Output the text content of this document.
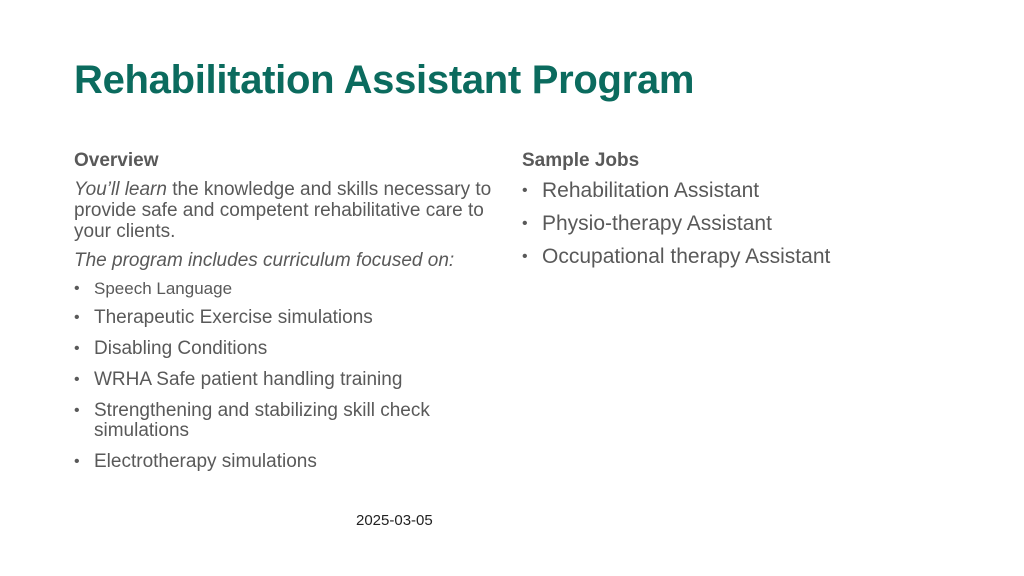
Rehabilitation Assistant Program
Overview

You’ll learn the knowledge and skills necessary to provide safe and competent rehabilitative care to your clients.

The program includes curriculum focused on:

• Speech Language
• Therapeutic Exercise simulations
• Disabling Conditions
• WRHA Safe patient handling training
• Strengthening and stabilizing skill check simulations
• Electrotherapy simulations
Sample Jobs
• Rehabilitation Assistant
• Physio-therapy Assistant
• Occupational therapy Assistant
2025-03-05
